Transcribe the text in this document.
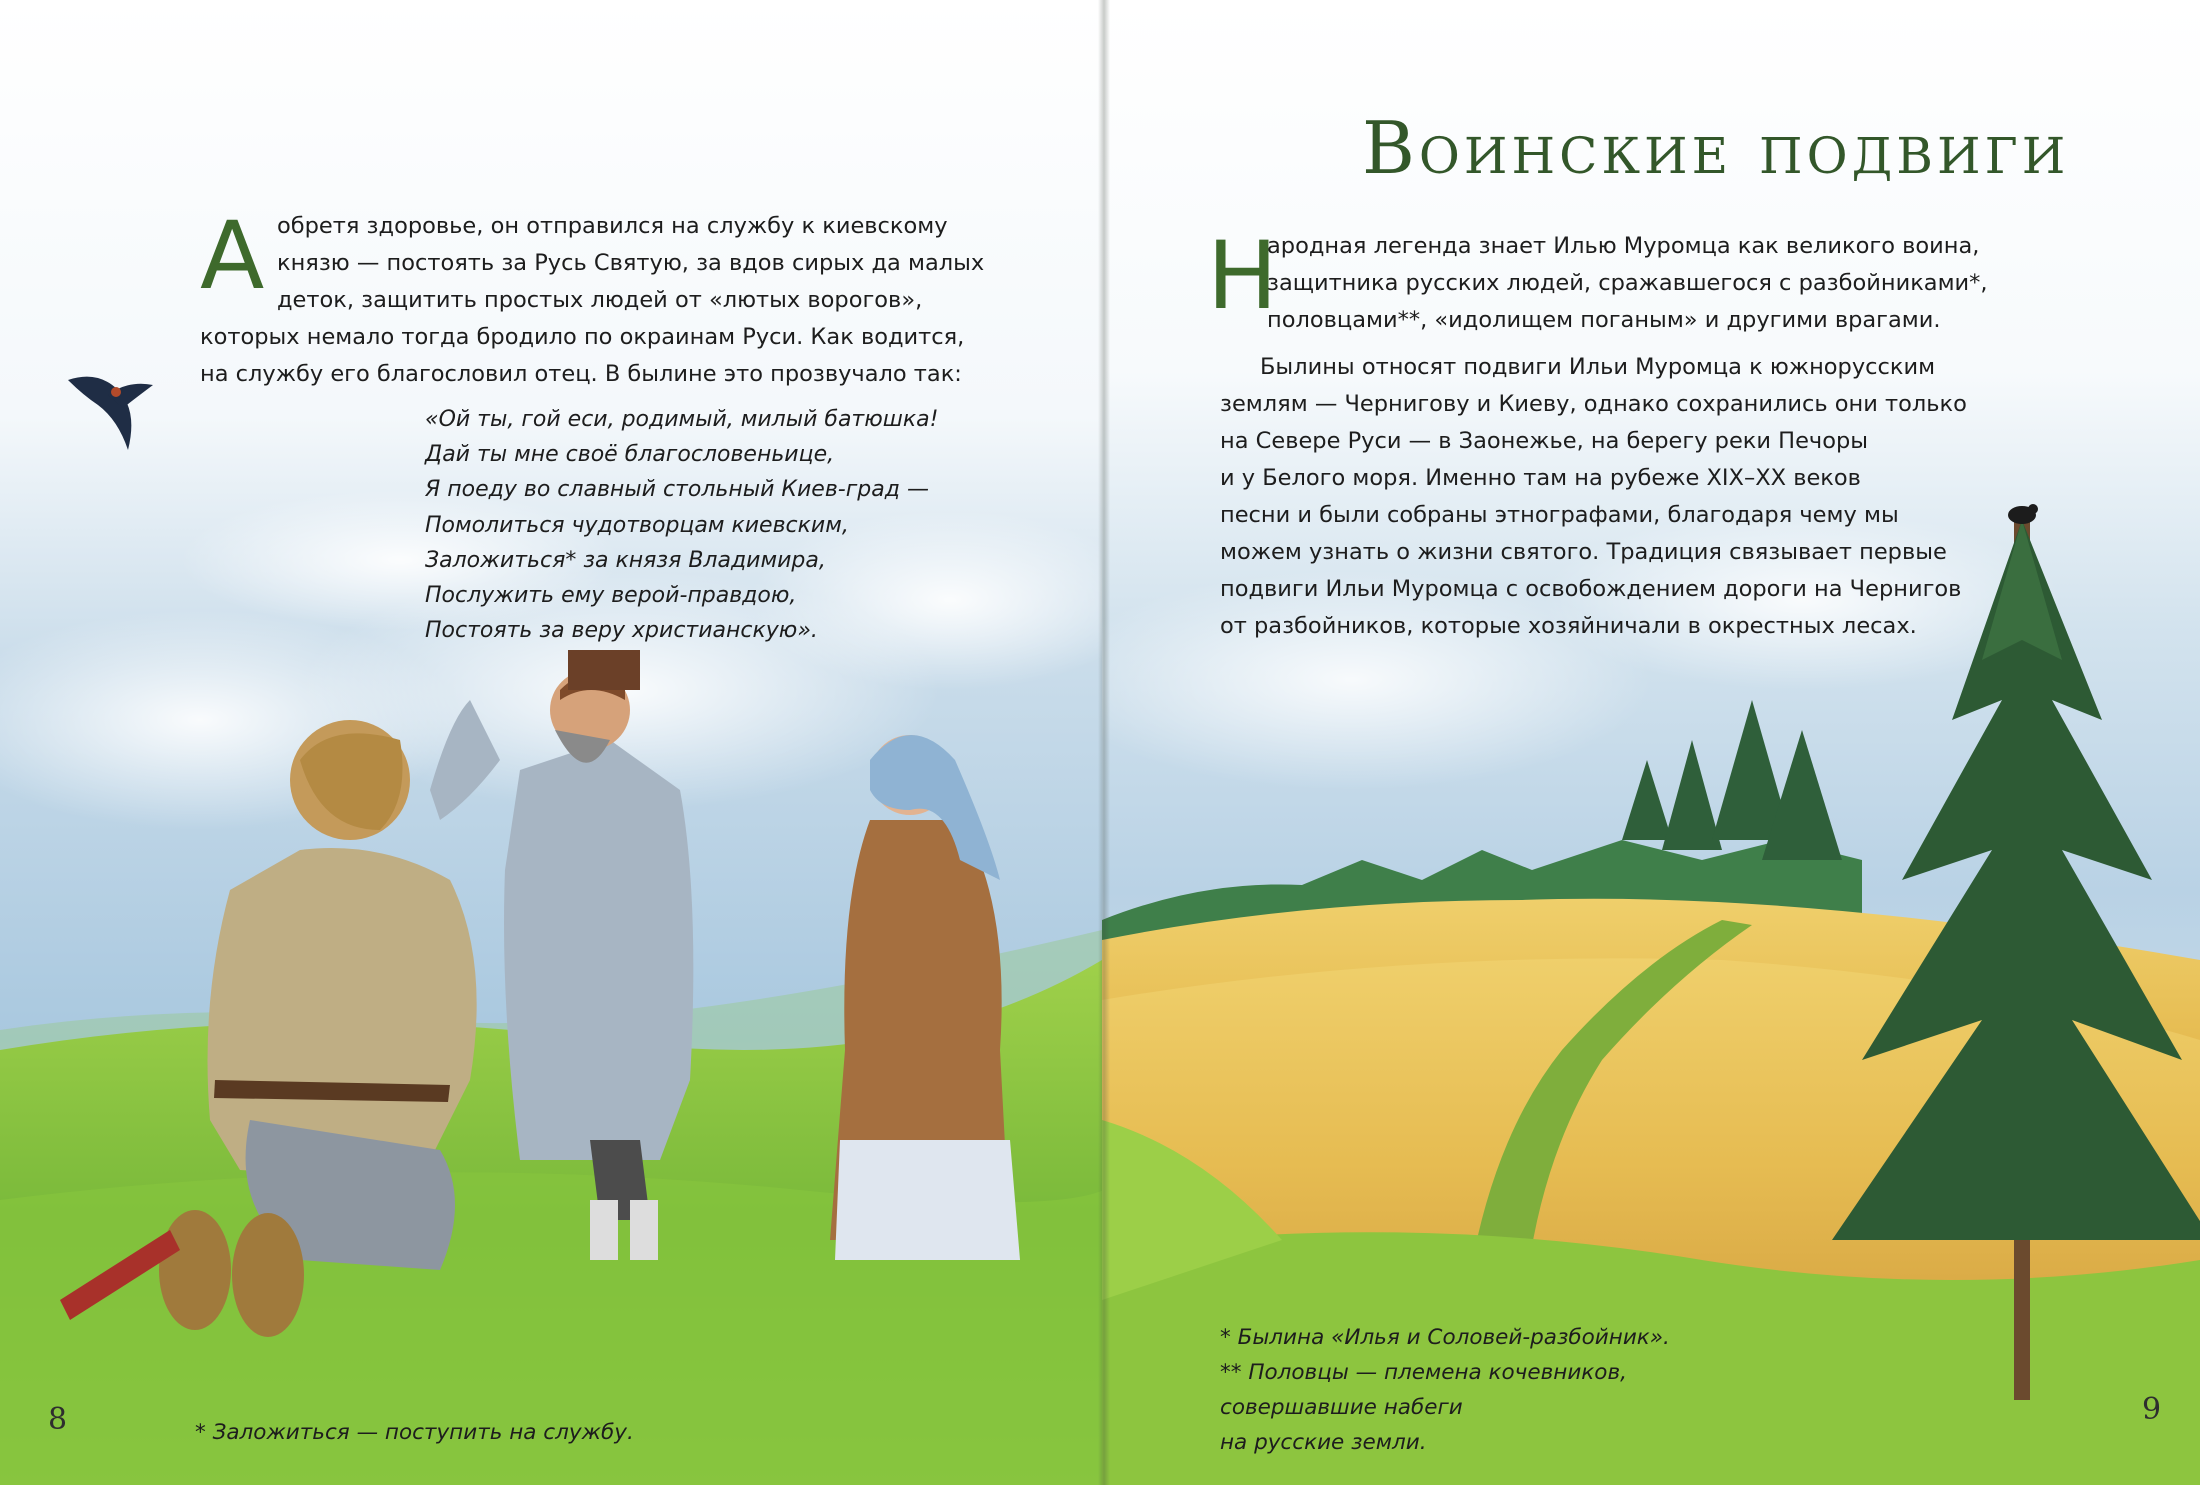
А обретя здоровье, он отправился на службу к киевскому
князю — постоять за Русь Святую, за вдов сирых да малых
деток, защитить простых людей от «лютых ворогов»,
которых немало тогда бродило по окраинам Руси. Как водится,
на службу его благословил отец. В былине это прозвучало так:
«Ой ты, гой еси, родимый, милый батюшка!
Дай ты мне своё благословеньице,
Я поеду во славный стольный Киев-град —
Помолиться чудотворцам киевским,
Заложиться* за князя Владимира,
Послужить ему верой-правдою,
Постоять за веру христианскую».
8	* Заложиться — поступить на службу.
Воинские подвиги
Н
ародная легенда знает Илью Муромца как великого воина,
защитника русских людей, сражавшегося с разбойниками*,
половцами**, «идолищем поганым» и другими врагами.
Былины относят подвиги Ильи Муромца к южнорусским
землям — Чернигову и Киеву, однако сохранились они только
на Севере Руси — в Заонежье, на берегу реки Печоры
и у Белого моря. Именно там на рубеже XIX–XX веков
песни и были собраны этнографами, благодаря чему мы
можем узнать о жизни святого. Традиция связывает первые
подвиги Ильи Муромца с освобождением дороги на Чернигов
от разбойников, которые хозяйничали в окрестных лесах.
* Былина «Илья и Соловей-разбойник».
** Половцы — племена кочевников,
совершавшие набеги
на русские земли.
9
